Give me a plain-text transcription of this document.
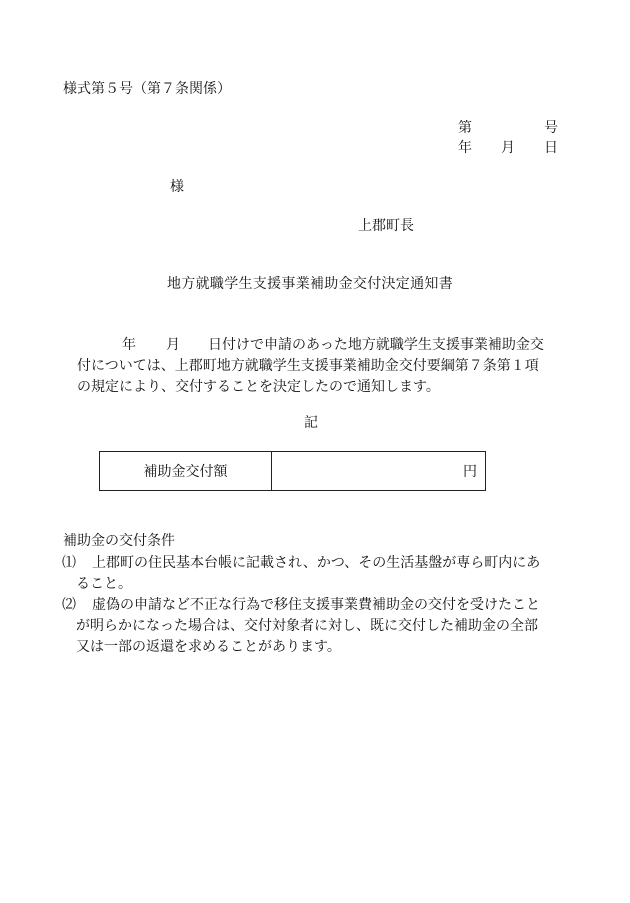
様式第５号（第７条関係）
第	号
年 月 日
様
上郡町長
地方就職学生支援事業補助金交付決定通知書
年 月 日付けで申請のあった地方就職学生支援事業補助金交
付については、上郡町地方就職学生支援事業補助金交付要綱第７条第１項
の規定により、交付することを決定したので通知します。
記
補助金交付額	円
補助金の交付条件
⑴	上郡町の住民基本台帳に記載され、かつ、その生活基盤が専ら町内にあ
ること。
⑵	虚偽の申請など不正な行為で移住支援事業費補助金の交付を受けたこと
が明らかになった場合は、交付対象者に対し、既に交付した補助金の全部
又は一部の返還を求めることがあります。
